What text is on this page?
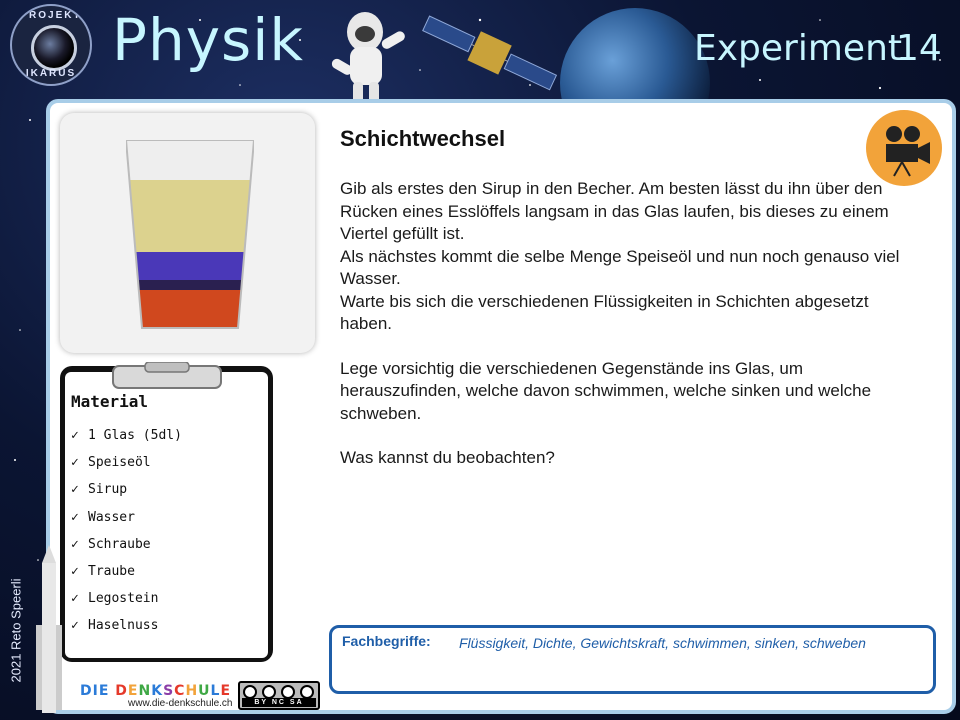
PROJEKT
IKARUS Physik	Experiment
14
Schichtwechsel

Gib als erstes den Sirup in den Becher. Am besten lässt du ihn über den Rücken eines Esslöffels langsam in das Glas laufen, bis dieses zu einem Viertel gefüllt ist.

Als nächstes kommt die selbe Menge Speiseöl und nun noch genauso viel Wasser.

Warte bis sich die verschiedenen Flüssigkeiten in Schichten abgesetzt haben.

Lege vorsichtig die verschiedenen Gegenstände ins Glas, um herauszufinden, welche davon schwimmen, welche sinken und welche schweben.

Was kannst du beobachten?

Material
✓ 1 Glas (5dl)
✓ Speiseöl
✓ Sirup
✓ Wasser
✓ Schraube
✓ Traube
✓ Legostein
✓ Haselnuss
2021 Reto Speerli	Fachbegriffe:	Flüssigkeit, Dichte, Gewichtskraft, schwimmen, sinken, schweben
DIE DENKSCHULE
www.die-denkschule.ch	BY NC SA
